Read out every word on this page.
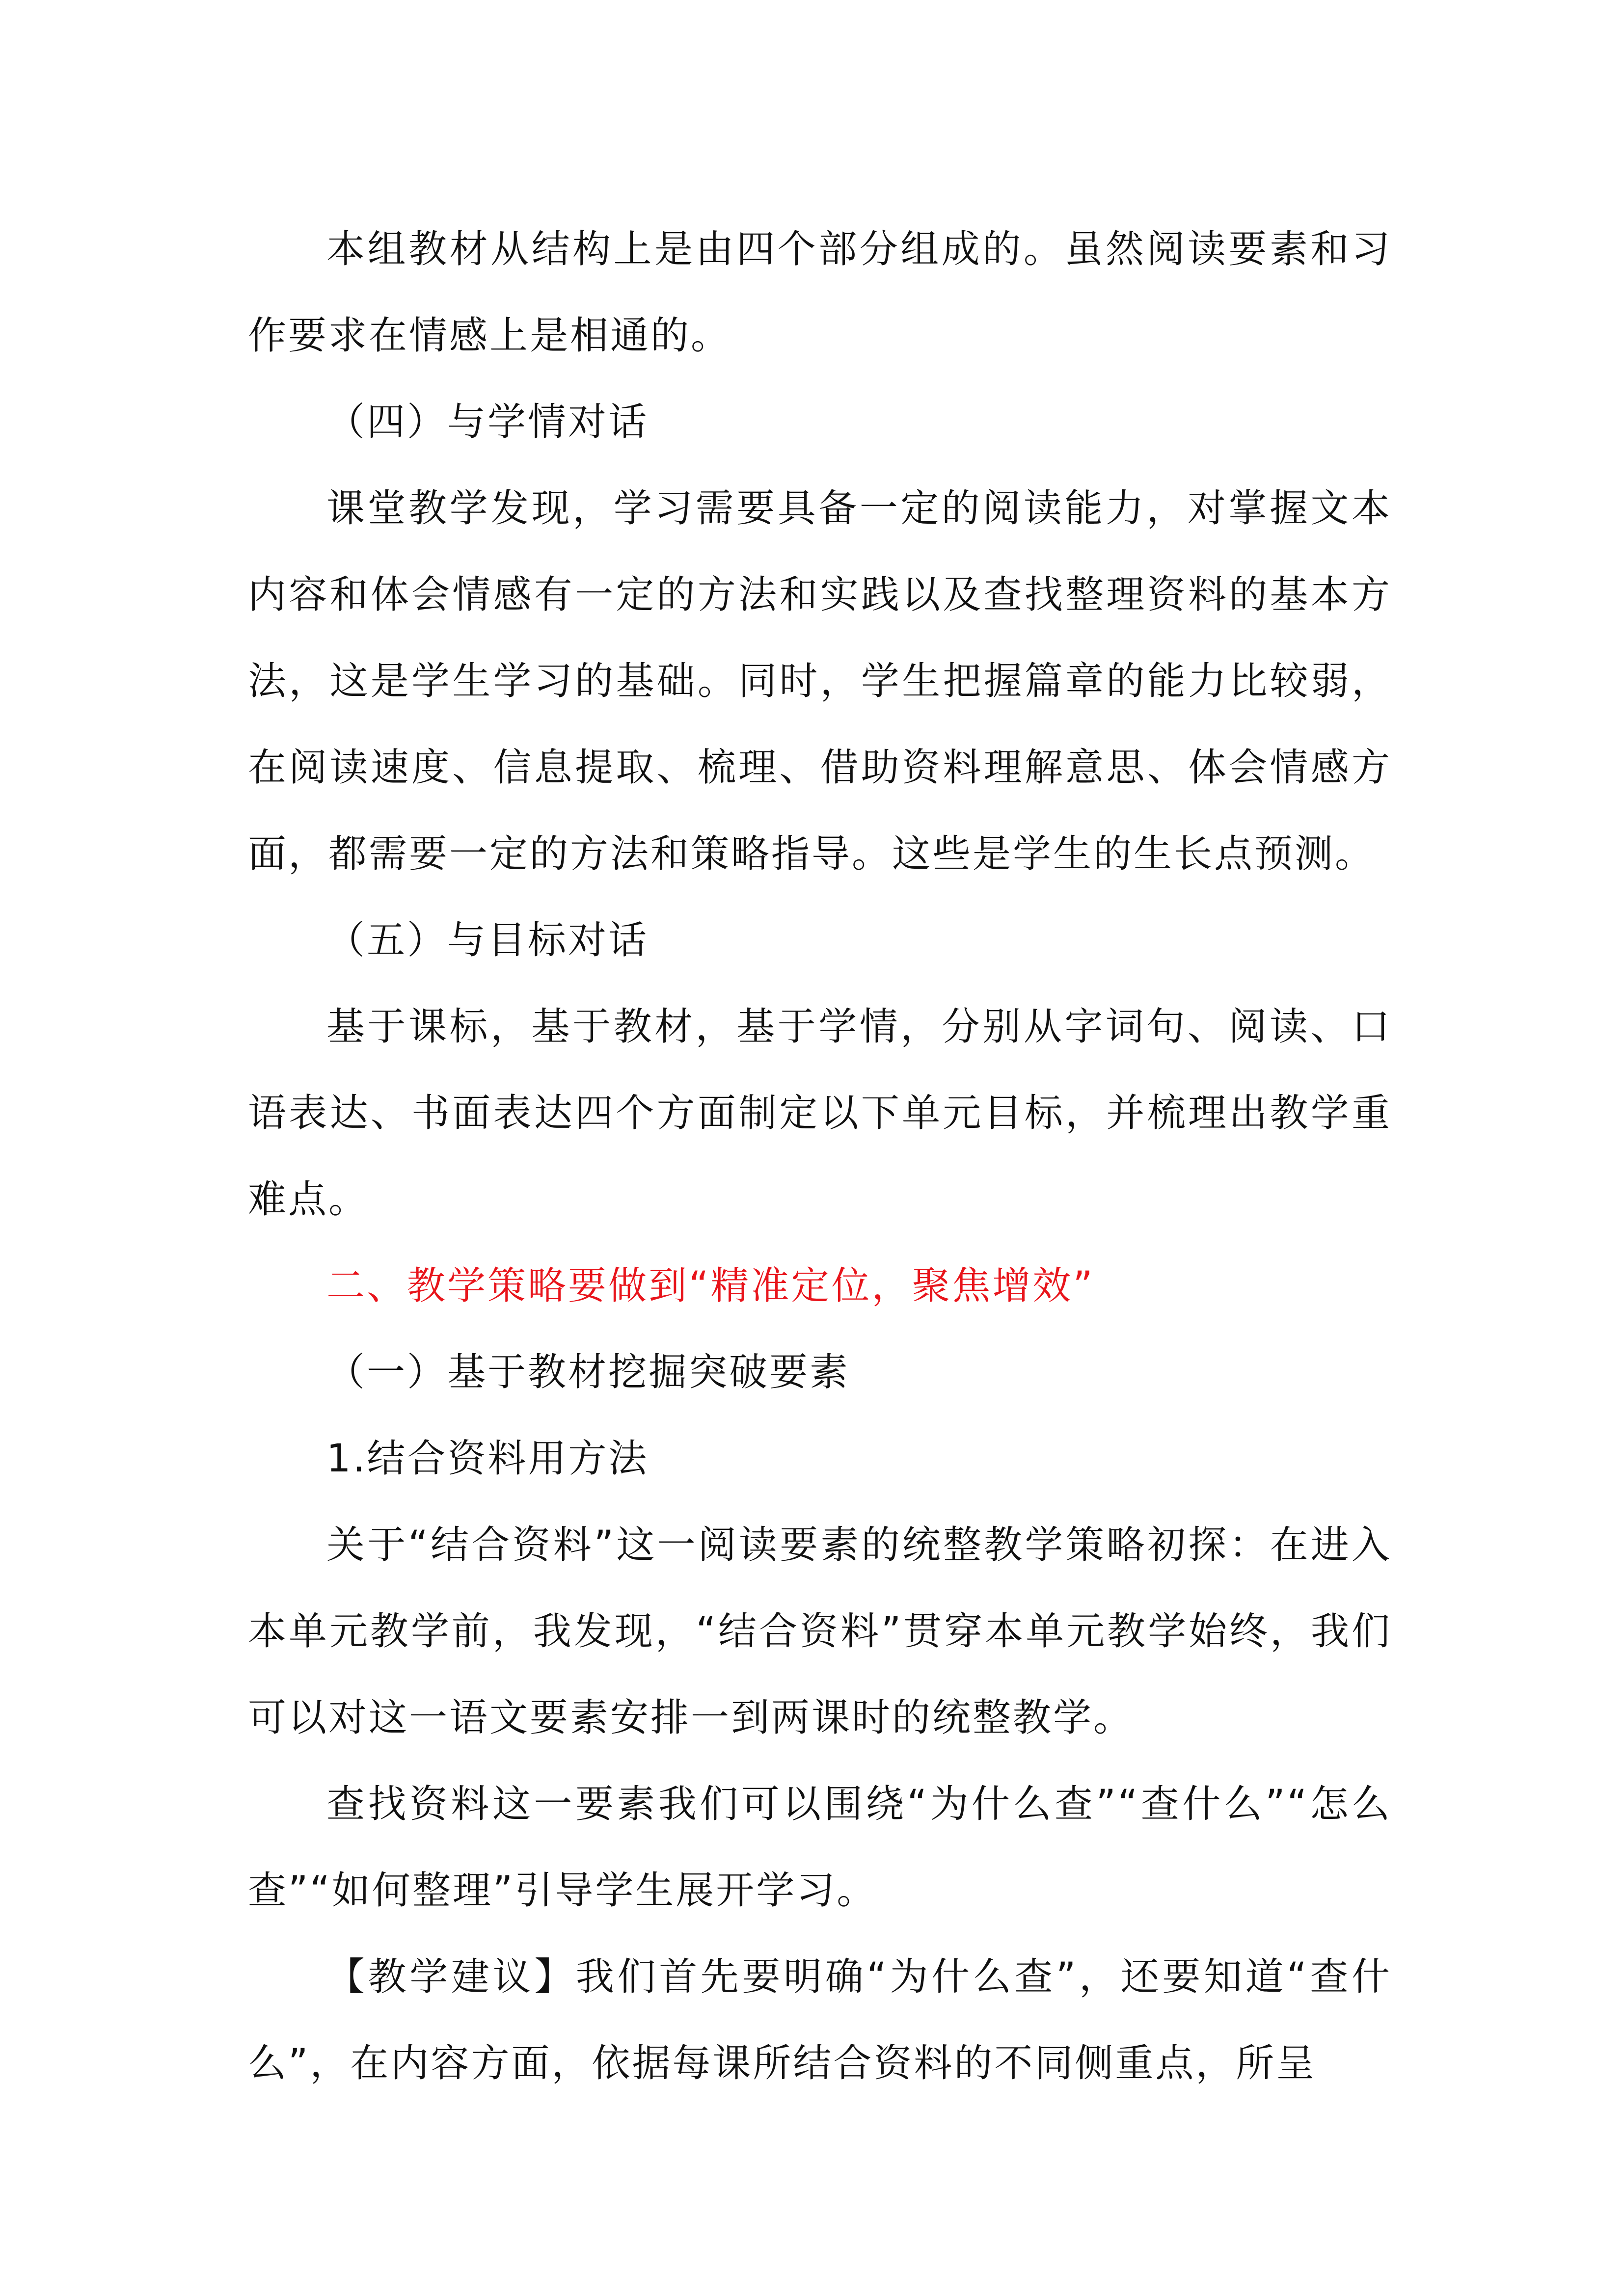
本组教材从结构上是由四个部分组成的。虽然阅读要素和习作要求在情感上是相通的。

（四）与学情对话

课堂教学发现，学习需要具备一定的阅读能力，对掌握文本内容和体会情感有一定的方法和实践以及查找整理资料的基本方法，这是学生学习的基础。同时，学生把握篇章的能力比较弱，在阅读速度、信息提取、梳理、借助资料理解意思、体会情感方面，都需要一定的方法和策略指导。这些是学生的生长点预测。

（五）与目标对话

基于课标，基于教材，基于学情，分别从字词句、阅读、口语表达、书面表达四个方面制定以下单元目标，并梳理出教学重难点。

二、教学策略要做到“精准定位，聚焦增效”

（一）基于教材挖掘突破要素

1.结合资料用方法

关于“结合资料”这一阅读要素的统整教学策略初探：在进入本单元教学前，我发现，“结合资料”贯穿本单元教学始终，我们可以对这一语文要素安排一到两课时的统整教学。

查找资料这一要素我们可以围绕“为什么查”“查什么”“怎么查”“如何整理”引导学生展开学习。

【教学建议】我们首先要明确“为什么查”，还要知道“查什么”，在内容方面，依据每课所结合资料的不同侧重点，所呈
